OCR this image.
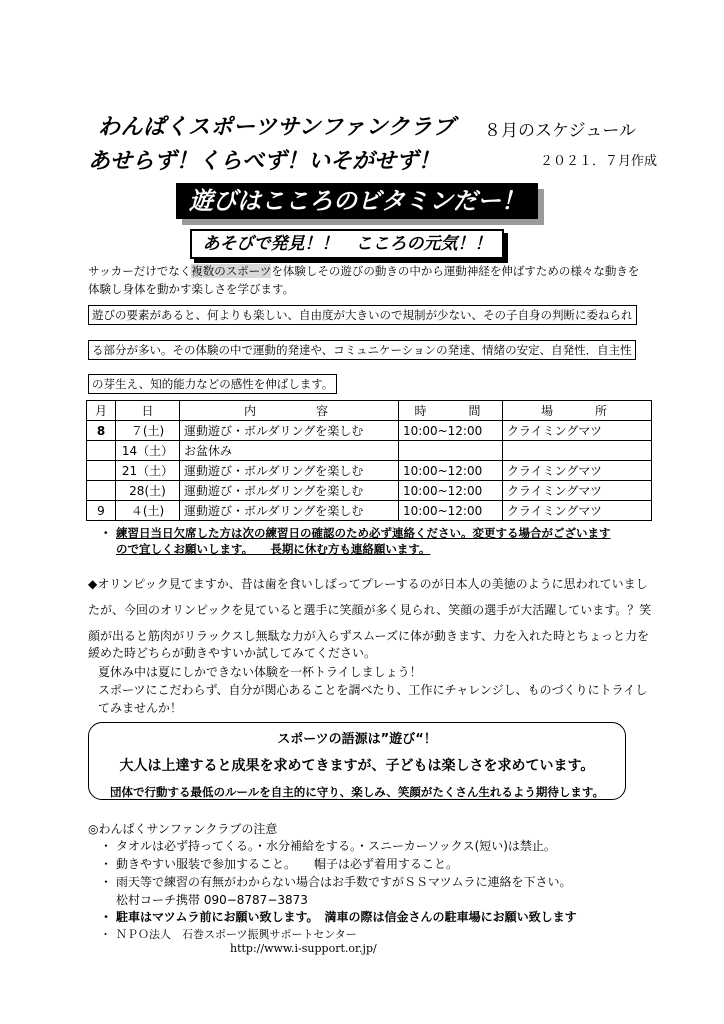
わんぱくスポーツサンファンクラブ ８月のスケジュール
あせらず！くらべず！いそがせず！	２０２１．７月作成
遊びはこころのビタミンだー！
あそびで発見！！　こころの元気！！
サッカーだけでなく複数のスポーツを体験しその遊びの動きの中から運動神経を伸ばすための様々な動きを体験し身体を動かす楽しさを学びます。
遊びの要素があると、何よりも楽しい、自由度が大きいので規制が少ない、その子自身の判断に委ねられ
る部分が多い。その体験の中で運動的発達や、コミュニケーションの発達、情緒の安定、自発性．自主性
の芽生え、知的能力などの感性を伸ばします。
月	日	内　　　容	時　　間	場　　所
8	７(土)	運動遊び・ボルダリングを楽しむ	10:00~12:00	クライミングマツ
	14（土）	お盆休み		
	21（土）	運動遊び・ボルダリングを楽しむ	10:00~12:00	クライミングマツ
	28(土)	運動遊び・ボルダリングを楽しむ	10:00~12:00	クライミングマツ
9	４(土)	運動遊び・ボルダリングを楽しむ	10:00~12:00	クライミングマツ
・ 練習日当日欠席した方は次の練習日の確認のため必ず連絡ください。変更する場合がございます
ので宜しくお願いします。　　長期に休む方も連絡願います。
◆オリンピック見てますか、昔は歯を食いしばってプレーするのが日本人の美徳のように思われていまし
たが、今回のオリンピックを見ていると選手に笑顔が多く見られ、笑顔の選手が大活躍しています。？笑
顔が出ると筋肉がリラックスし無駄な力が入らずスムーズに体が動きます、力を入れた時とちょっと力を
緩めた時どちらが動きやすいか試してみてください。
夏休み中は夏にしかできない体験を一杯トライしましょう！
スポーツにこだわらず、自分が関心あることを調べたり、工作にチャレンジし、ものづくりにトライし
てみませんか！
スポーツの語源は”遊び“！
大人は上達すると成果を求めてきますが、子どもは楽しさを求めています。
団体で行動する最低のルールを自主的に守り、楽しみ、笑顔がたくさん生れるよう期待します。
◎わんぱくサンファンクラブの注意
・ タオルは必ず持ってくる。・水分補給をする。・スニーカーソックス(短い)は禁止。
・ 動きやすい服装で参加すること。　　帽子は必ず着用すること。
・ 雨天等で練習の有無がわからない場合はお手数ですがＳＳマツムラに連絡を下さい。
松村コーチ携帯 090−8787−3873
・ 駐車はマツムラ前にお願い致します。　満車の際は信金さんの駐車場にお願い致します
・ ＮＰＯ法人　石巻スポーツ振興サポートセンター
http://www.i-support.or.jp/
